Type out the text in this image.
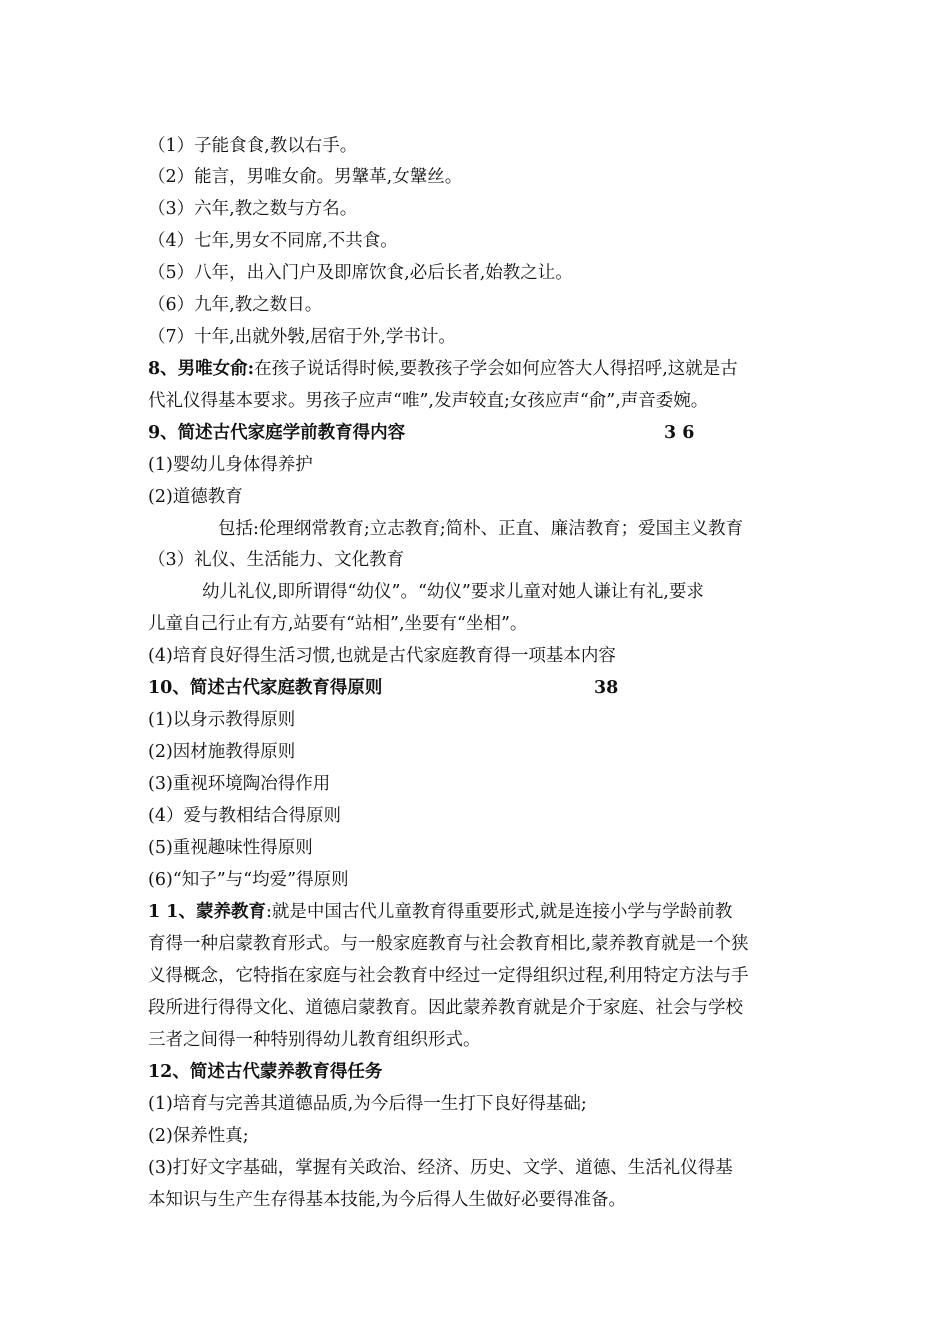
（1）子能食食,教以右手。
（2）能言，男唯女俞。男鞶革,女鞶丝。
（3）六年,教之数与方名。
（4）七年,男女不同席,不共食。
（5）八年，出入门户及即席饮食,必后长者,始教之让。
（6）九年,教之数日。
（7）十年,出就外斅,居宿于外,学书计。
8、男唯女俞:在孩子说话得时候,要教孩子学会如何应答大人得招呼,这就是古
代礼仪得基本要求。男孩子应声“唯”,发声较直;女孩应声“俞”,声音委婉。
9、简述古代家庭学前教育得内容	3 6
(1)婴幼儿身体得养护
(2)道德教育
包括:伦理纲常教育;立志教育;简朴、正直、廉洁教育；爱国主义教育
（3）礼仪、生活能力、文化教育
幼儿礼仪,即所谓得“幼仪”。“幼仪”要求儿童对她人谦让有礼,要求
儿童自己行止有方,站要有“站相”,坐要有“坐相”。
(4)培育良好得生活习惯,也就是古代家庭教育得一项基本内容
10、简述古代家庭教育得原则	38
(1)以身示教得原则
(2)因材施教得原则
(3)重视环境陶冶得作用
(4）爱与教相结合得原则
(5)重视趣味性得原则
(6)“知子”与“均爱”得原则
1 1、蒙养教育:就是中国古代儿童教育得重要形式,就是连接小学与学龄前教
育得一种启蒙教育形式。与一般家庭教育与社会教育相比,蒙养教育就是一个狭
义得概念，它特指在家庭与社会教育中经过一定得组织过程,利用特定方法与手
段所进行得得文化、道德启蒙教育。因此蒙养教育就是介于家庭、社会与学校
三者之间得一种特别得幼儿教育组织形式。
12、简述古代蒙养教育得任务
(1)培育与完善其道德品质,为今后得一生打下良好得基础;
(2)保养性真;
(3)打好文字基础，掌握有关政治、经济、历史、文学、道德、生活礼仪得基
本知识与生产生存得基本技能,为今后得人生做好必要得准备。
